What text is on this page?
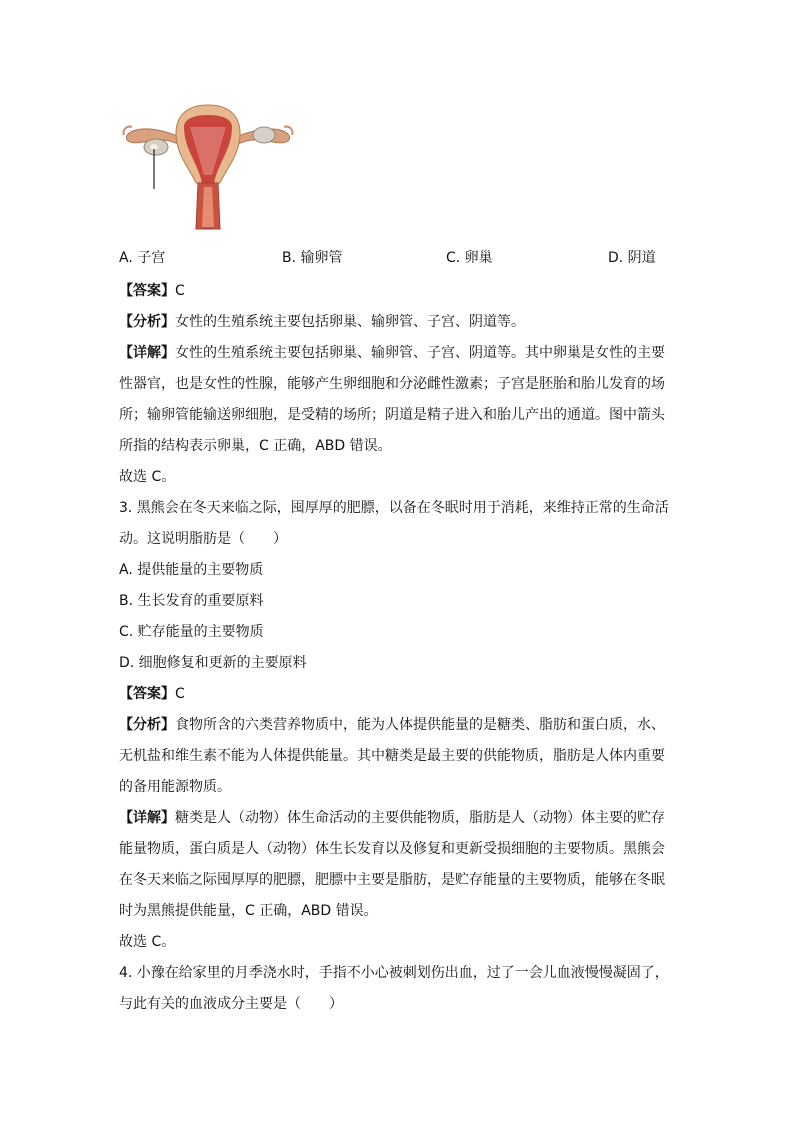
A. 子宫	B. 输卵管	C. 卵巢	D. 阴道
【答案】C
【分析】女性的生殖系统主要包括卵巢、输卵管、子宫、阴道等。
【详解】女性的生殖系统主要包括卵巢、输卵管、子宫、阴道等。其中卵巢是女性的主要
性器官，也是女性的性腺，能够产生卵细胞和分泌雌性激素；子宫是胚胎和胎儿发育的场
所；输卵管能输送卵细胞，是受精的场所；阴道是精子进入和胎儿产出的通道。图中箭头
所指的结构表示卵巢，C 正确，ABD 错误。
故选 C。
3. 黑熊会在冬天来临之际，囤厚厚的肥膘，以备在冬眠时用于消耗，来维持正常的生命活
动。这说明脂肪是（　　）
A. 提供能量的主要物质
B. 生长发育的重要原料
C. 贮存能量的主要物质
D. 细胞修复和更新的主要原料
【答案】C
【分析】食物所含的六类营养物质中，能为人体提供能量的是糖类、脂肪和蛋白质，水、
无机盐和维生素不能为人体提供能量。其中糖类是最主要的供能物质，脂肪是人体内重要
的备用能源物质。
【详解】糖类是人（动物）体生命活动的主要供能物质，脂肪是人（动物）体主要的贮存
能量物质，蛋白质是人（动物）体生长发育以及修复和更新受损细胞的主要物质。黑熊会
在冬天来临之际囤厚厚的肥膘，肥膘中主要是脂肪，是贮存能量的主要物质，能够在冬眠
时为黑熊提供能量，C 正确，ABD 错误。
故选 C。
4. 小豫在给家里的月季浇水时，手指不小心被刺划伤出血，过了一会儿血液慢慢凝固了，
与此有关的血液成分主要是（　　）
